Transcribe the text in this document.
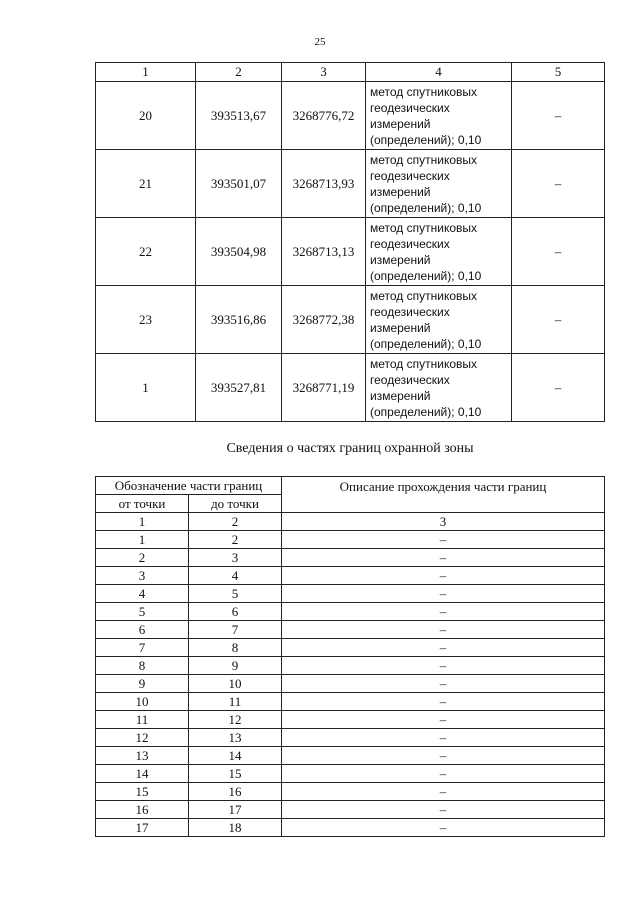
25
1	2	3	4	5
20	393513,67	3268776,72	метод спутниковых
геодезических
измерений
(определений); 0,10	–
21	393501,07	3268713,93	метод спутниковых
геодезических
измерений
(определений); 0,10	–
22	393504,98	3268713,13	метод спутниковых
геодезических
измерений
(определений); 0,10	–
23	393516,86	3268772,38	метод спутниковых
геодезических
измерений
(определений); 0,10	–
1	393527,81	3268771,19	метод спутниковых
геодезических
измерений
(определений); 0,10	–
Сведения о частях границ охранной зоны
Обозначение части границ		Описание прохождения части границ
от точки	до точки	
1	2	3
1	2	–
2	3	–
3	4	–
4	5	–
5	6	–
6	7	–
7	8	–
8	9	–
9	10	–
10	11	–
11	12	–
12	13	–
13	14	–
14	15	–
15	16	–
16	17	–
17	18	–
